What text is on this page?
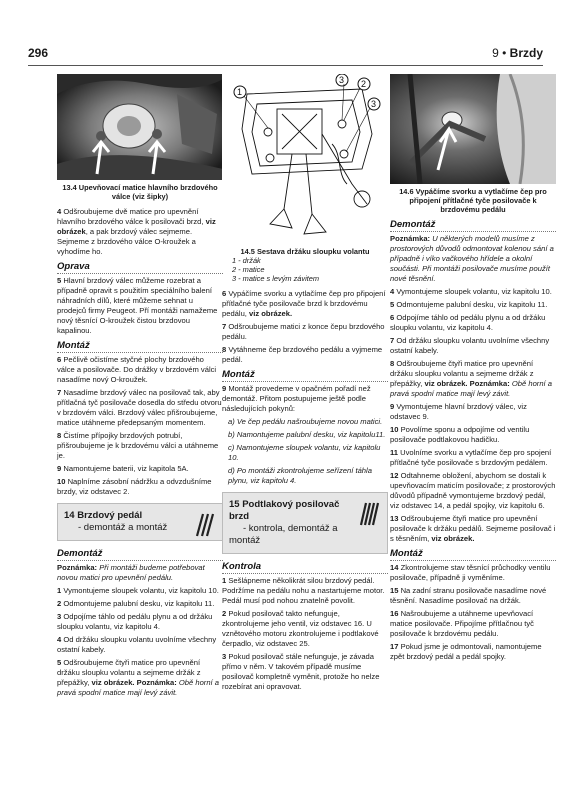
296	9 • Brzdy
13.4 Upevňovací matice hlavního brzdového válce (viz šipky)
4 Odšroubujeme dvě matice pro upevnění hlavního brzdového válce k posilovači brzd, viz obrázek, a pak brzdový válec sejmeme. Sejmeme z brzdového válce O-kroužek a vyhodíme ho.
Oprava
5 Hlavní brzdový válec můžeme rozebrat a případně opravit s použitím speciálního balení náhradních dílů, které můžeme sehnat u prodejců firmy Peugeot. Pří montáži namažeme nový těsnící O-kroužek čistou brzdovou kapalinou.
Montáž
6 Pečlivě očistíme styčné plochy brzdového válce a posilovače. Do drážky v brzdovém válci nasadíme nový O-kroužek.
7 Nasadíme brzdový válec na posilovač tak, aby přítlačná tyč posilovače dosedla do středu otvoru v brzdovém válci. Brzdový válec přišroubujeme, matice utáhneme předepsaným momentem.
8 Čistíme přípojky brzdových potrubí, přišroubujeme je k brzdovému válci a utáhneme je.
9 Namontujeme baterii, viz kapitola 5A.
10 Naplníme zásobní nádržku a odvzdušníme brzdy, viz odstavec 2.
14 Brzdový pedál
- demontáž a montáž
Demontáž
Poznámka: Při montáži budeme potřebovat novou matici pro upevnění pedálu.
1 Vymontujeme sloupek volantu, viz kapitolu 10.
2 Odmontujeme palubní desku, viz kapitolu 11.
3 Odpojíme táhlo od pedálu plynu a od držáku sloupku volantu, viz kapitolu 4.
4 Od držáku sloupku volantu uvolníme všechny ostatní kabely.
5 Odšroubujeme čtyři matice pro upevnění držáku sloupku volantu a sejmeme držák z přepážky, viz obrázek. Poznámka: Obě horní a pravá spodní matice mají levý závit.
1
2
3
3
14.5 Sestava držáku sloupku volantu
1 - držák
2 - matice
3 - matice s levým závitem
6 Vypáčíme svorku a vytlačíme čep pro připojení přítlačné tyče posilovače brzd k brzdovému pedálu, viz obrázek.
7 Odšroubujeme matici z konce čepu brzdového pedálu.
8 Vytáhneme čep brzdového pedálu a vyjmeme pedál.
Montáž
9 Montáž provedeme v opačném pořadí než demontáž. Přitom postupujeme ještě podle následujících pokynů:
a) Ve čep pedálu našroubujeme novou matici.
b) Namontujeme palubní desku, viz kapitolu11.
c) Namontujeme sloupek volantu, viz kapitolu 10.
d) Po montáži zkontrolujeme seřízení táhla plynu, viz kapitolu 4.
15 Podtlakový posilovač brzd
- kontrola, demontáž a montáž
Kontrola
1 Sešlápneme několikrát silou brzdový pedál. Podržíme na pedálu nohu a nastartujeme motor. Pedál musí pod nohou znatelně povolit.
2 Pokud posilovač takto nefunguje, zkontrolujeme jeho ventil, viz odstavec 16. U vznětového motoru zkontrolujeme i podtlakové čerpadlo, viz odstavec 25.
3 Pokud posilovač stále nefunguje, je závada přímo v něm. V takovém případě musíme posilovač kompletně vyměnit, protože ho nelze rozebírat ani opravovat.
14.6 Vypáčíme svorku a vytlačíme čep pro připojení přítlačné tyče posilovače k brzdovému pedálu
Demontáž
Poznámka: U některých modelů musíme z prostorových důvodů odmontovat kolenou sání a případně i víko vačkového hřídele a okolní součásti. Při montáži posilovače musíme použít nové těsnění.
4 Vymontujeme sloupek volantu, viz kapitolu 10.
5 Odmontujeme palubní desku, viz kapitolu 11.
6 Odpojíme táhlo od pedálu plynu a od držáku sloupku volantu, viz kapitolu 4.
7 Od držáku sloupku volantu uvolníme všechny ostatní kabely.
8 Odšroubujeme čtyři matice pro upevnění držáku sloupku volantu a sejmeme držák z přepážky, viz obrázek. Poznámka: Obě horní a pravá spodní matice mají levý závit.
9 Vymontujeme hlavní brzdový válec, viz odstavec 9.
10 Povolíme sponu a odpojíme od ventilu posilovače podtlakovou hadičku.
11 Uvolníme svorku a vytlačíme čep pro spojení přítlačné tyče posilovače s brzdovým pedálem.
12 Odtahneme obložení, abychom se dostali k upevňovacím maticím posilovače; z prostorových důvodů případně vymontujeme brzdový pedál, viz odstavec 14, a pedál spojky, viz kapitolu 6.
13 Odšroubujeme čtyři matice pro upevnění posilovače k držáku pedálů. Sejmeme posilovač i s těsněním, viz obrázek.
Montáž
14 Zkontrolujeme stav těsnící průchodky ventilu posilovače, případně ji vyměníme.
15 Na zadní stranu posilovače nasadíme nové těsnění. Nasadíme posilovač na držák.
16 Našroubujeme a utáhneme upevňovací matice posilovače. Připojíme přítlačnou tyč posilovače k brzdovému pedálu.
17 Pokud jsme je odmontovali, namontujeme zpět brzdový pedál a pedál spojky.
